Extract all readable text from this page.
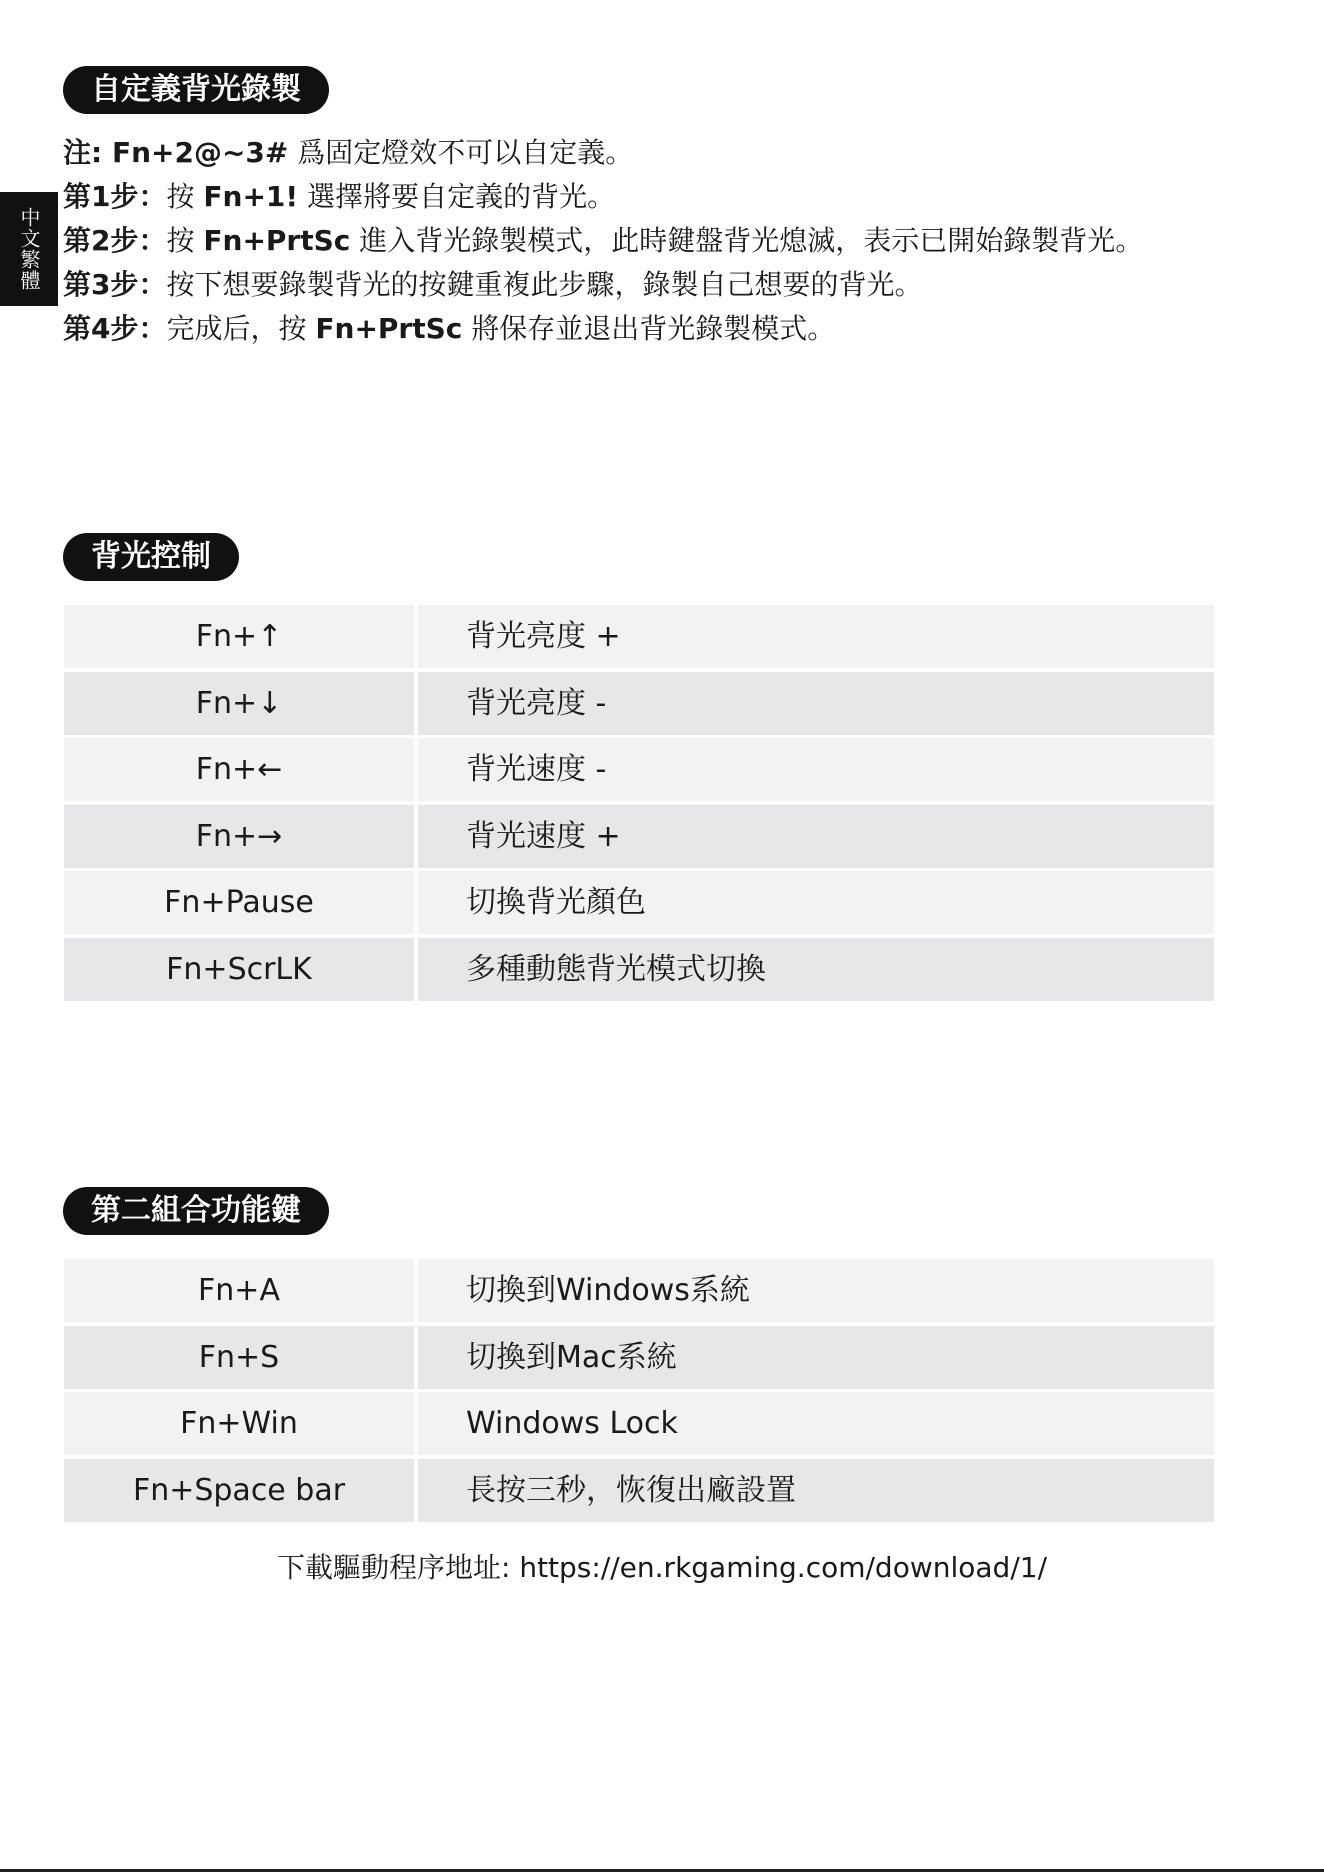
中文繁體
自定義背光錄製
注: Fn+2@~3# 爲固定燈效不可以自定義。
第1步：按 Fn+1! 選擇將要自定義的背光。
第2步：按 Fn+PrtSc 進入背光錄製模式，此時鍵盤背光熄滅，表示已開始錄製背光。
第3步：按下想要錄製背光的按鍵重複此步驟，錄製自己想要的背光。
第4步：完成后，按 Fn+PrtSc 將保存並退出背光錄製模式。
背光控制
Fn+↑	背光亮度 +
Fn+↓	背光亮度 -
Fn+←	背光速度 -
Fn+→	背光速度 +
Fn+Pause	切換背光顏色
Fn+ScrLK	多種動態背光模式切換
第二組合功能鍵
Fn+A	切換到Windows系統
Fn+S	切換到Mac系統
Fn+Win	Windows Lock
Fn+Space bar	長按三秒，恢復出廠設置
下載驅動程序地址: https://en.rkgaming.com/download/1/
